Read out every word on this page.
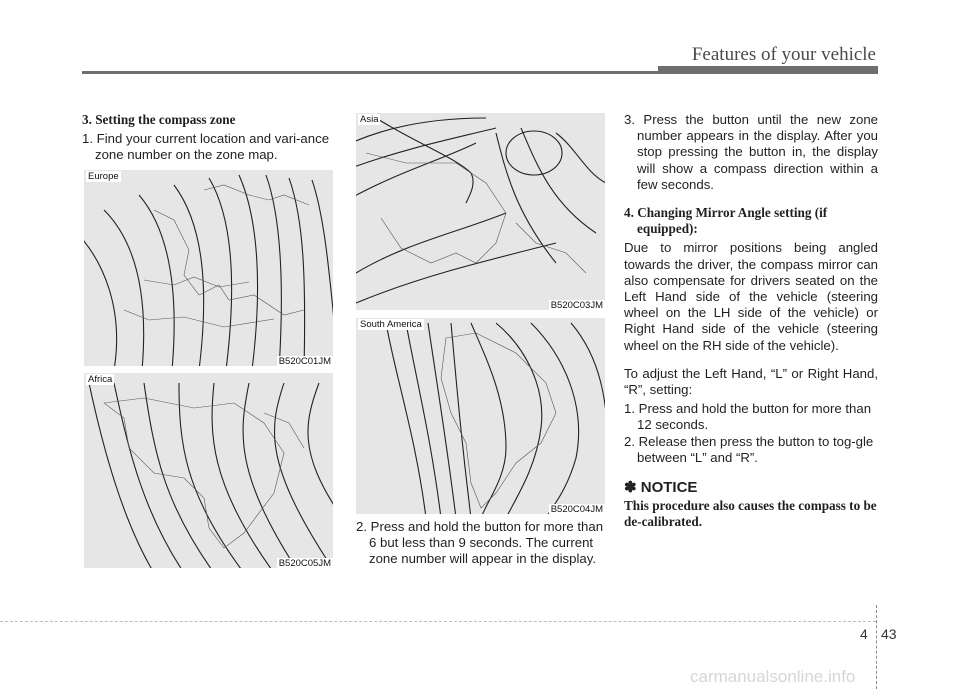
Features of your vehicle
3. Setting the compass zone
1. Find your current location and vari-ance zone number on the zone map.
Europe
B520C01JM
Africa
B520C05JM
Asia
B520C03JM
South America
B520C04JM
2. Press and hold the button for more than 6 but less than 9 seconds. The current zone number will appear in the display.
3. Press the button until the new zone number appears in the display. After you stop pressing the button in, the display will show a compass direction within a few seconds.
4. Changing Mirror Angle setting (if equipped):
Due to mirror positions being angled towards the driver, the compass mirror can also compensate for drivers seated on the Left Hand side of the vehicle (steering wheel on the LH side of the vehicle) or Right Hand side of the vehicle (steering wheel on the RH side of the vehicle).
To adjust the Left Hand, “L” or Right Hand, “R”, setting:
1. Press and hold the button for more than 12 seconds.
2. Release then press the button to tog-gle between “L” and “R”.
✽ NOTICE
This procedure also causes the compass to be de-calibrated.
4 43
carmanualsonline.info
